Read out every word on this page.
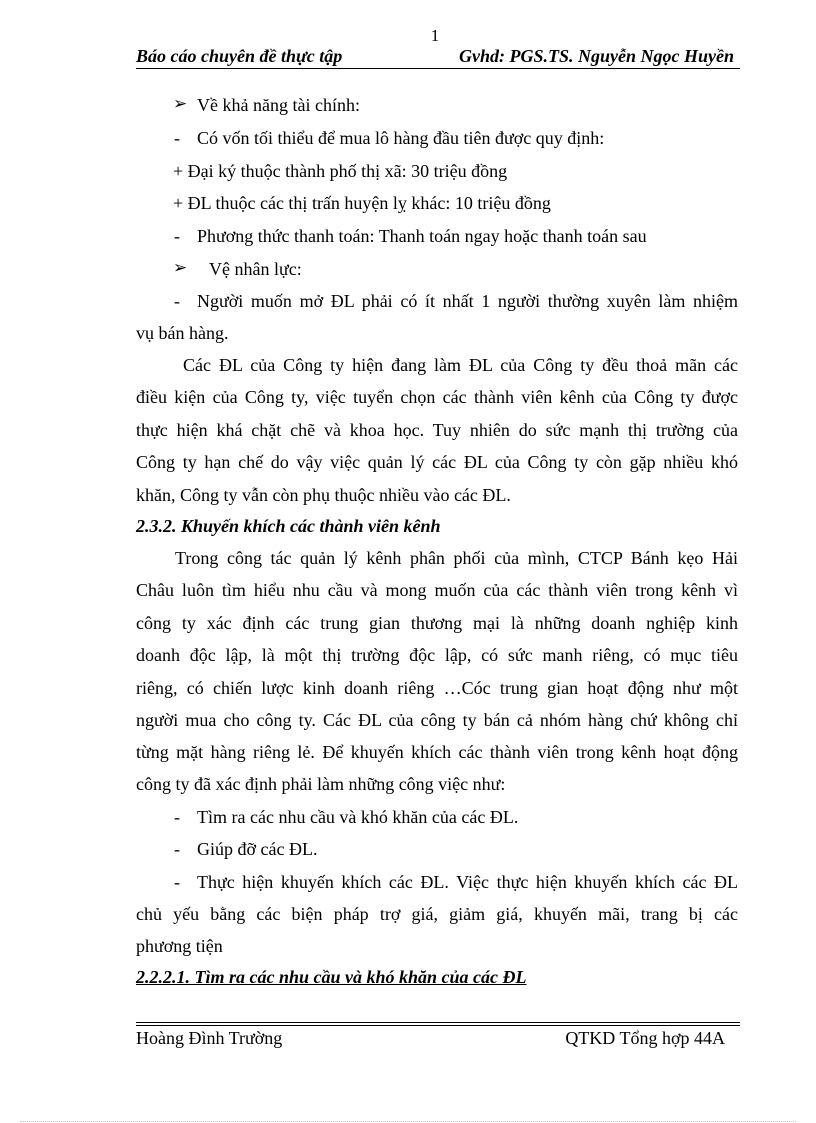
1
Báo cáo chuyên đề thực tập	Gvhd: PGS.TS. Nguyễn Ngọc Huyền
➢ Về khả năng tài chính:
- Có vốn tối thiểu để mua lô hàng đầu tiên được quy định:
+ Đại ký thuộc thành phố thị xã: 30 triệu đồng
+ ĐL thuộc các thị trấn huyện lỵ khác: 10 triệu đồng
- Phương thức thanh toán: Thanh toán ngay hoặc thanh toán sau
➢ Vệ nhân lực:
- Người muốn mở ĐL phải có ít nhất 1 người thường xuyên làm nhiệm
vụ bán hàng.
Các ĐL của Công ty hiện đang làm ĐL của Công ty đều thoả mãn các
điều kiện của Công ty, việc tuyển chọn các thành viên kênh của Công ty được
thực hiện khá chặt chẽ và khoa học. Tuy nhiên do sức mạnh thị trường của
Công ty hạn chế do vậy việc quản lý các ĐL của Công ty còn gặp nhiều khó
khăn, Công ty vẫn còn phụ thuộc nhiều vào các ĐL.
2.3.2. Khuyến khích các thành viên kênh
Trong công tác quản lý kênh phân phối của mình, CTCP Bánh kẹo Hải
Châu luôn tìm hiểu nhu cầu và mong muốn của các thành viên trong kênh vì
công ty xác định các trung gian thương mại là những doanh nghiệp kinh
doanh độc lập, là một thị trường độc lập, có sức manh riêng, có mục tiêu
riêng, có chiến lược kinh doanh riêng …Cóc trung gian hoạt động như một
người mua cho công ty. Các ĐL của công ty bán cả nhóm hàng chứ không chỉ
từng mặt hàng riêng lẻ. Để khuyến khích các thành viên trong kênh hoạt động
công ty đã xác định phải làm những công việc như:
- Tìm ra các nhu cầu và khó khăn của các ĐL.
- Giúp đỡ các ĐL.
- Thực hiện khuyến khích các ĐL. Việc thực hiện khuyến khích các ĐL
chủ yếu bằng các biện pháp trợ giá, giảm giá, khuyến mãi, trang bị các
phương tiện
2.2.2.1. Tìm ra các nhu cầu và khó khăn của các ĐL
Hoàng Đình Trường	QTKD Tổng hợp 44A
